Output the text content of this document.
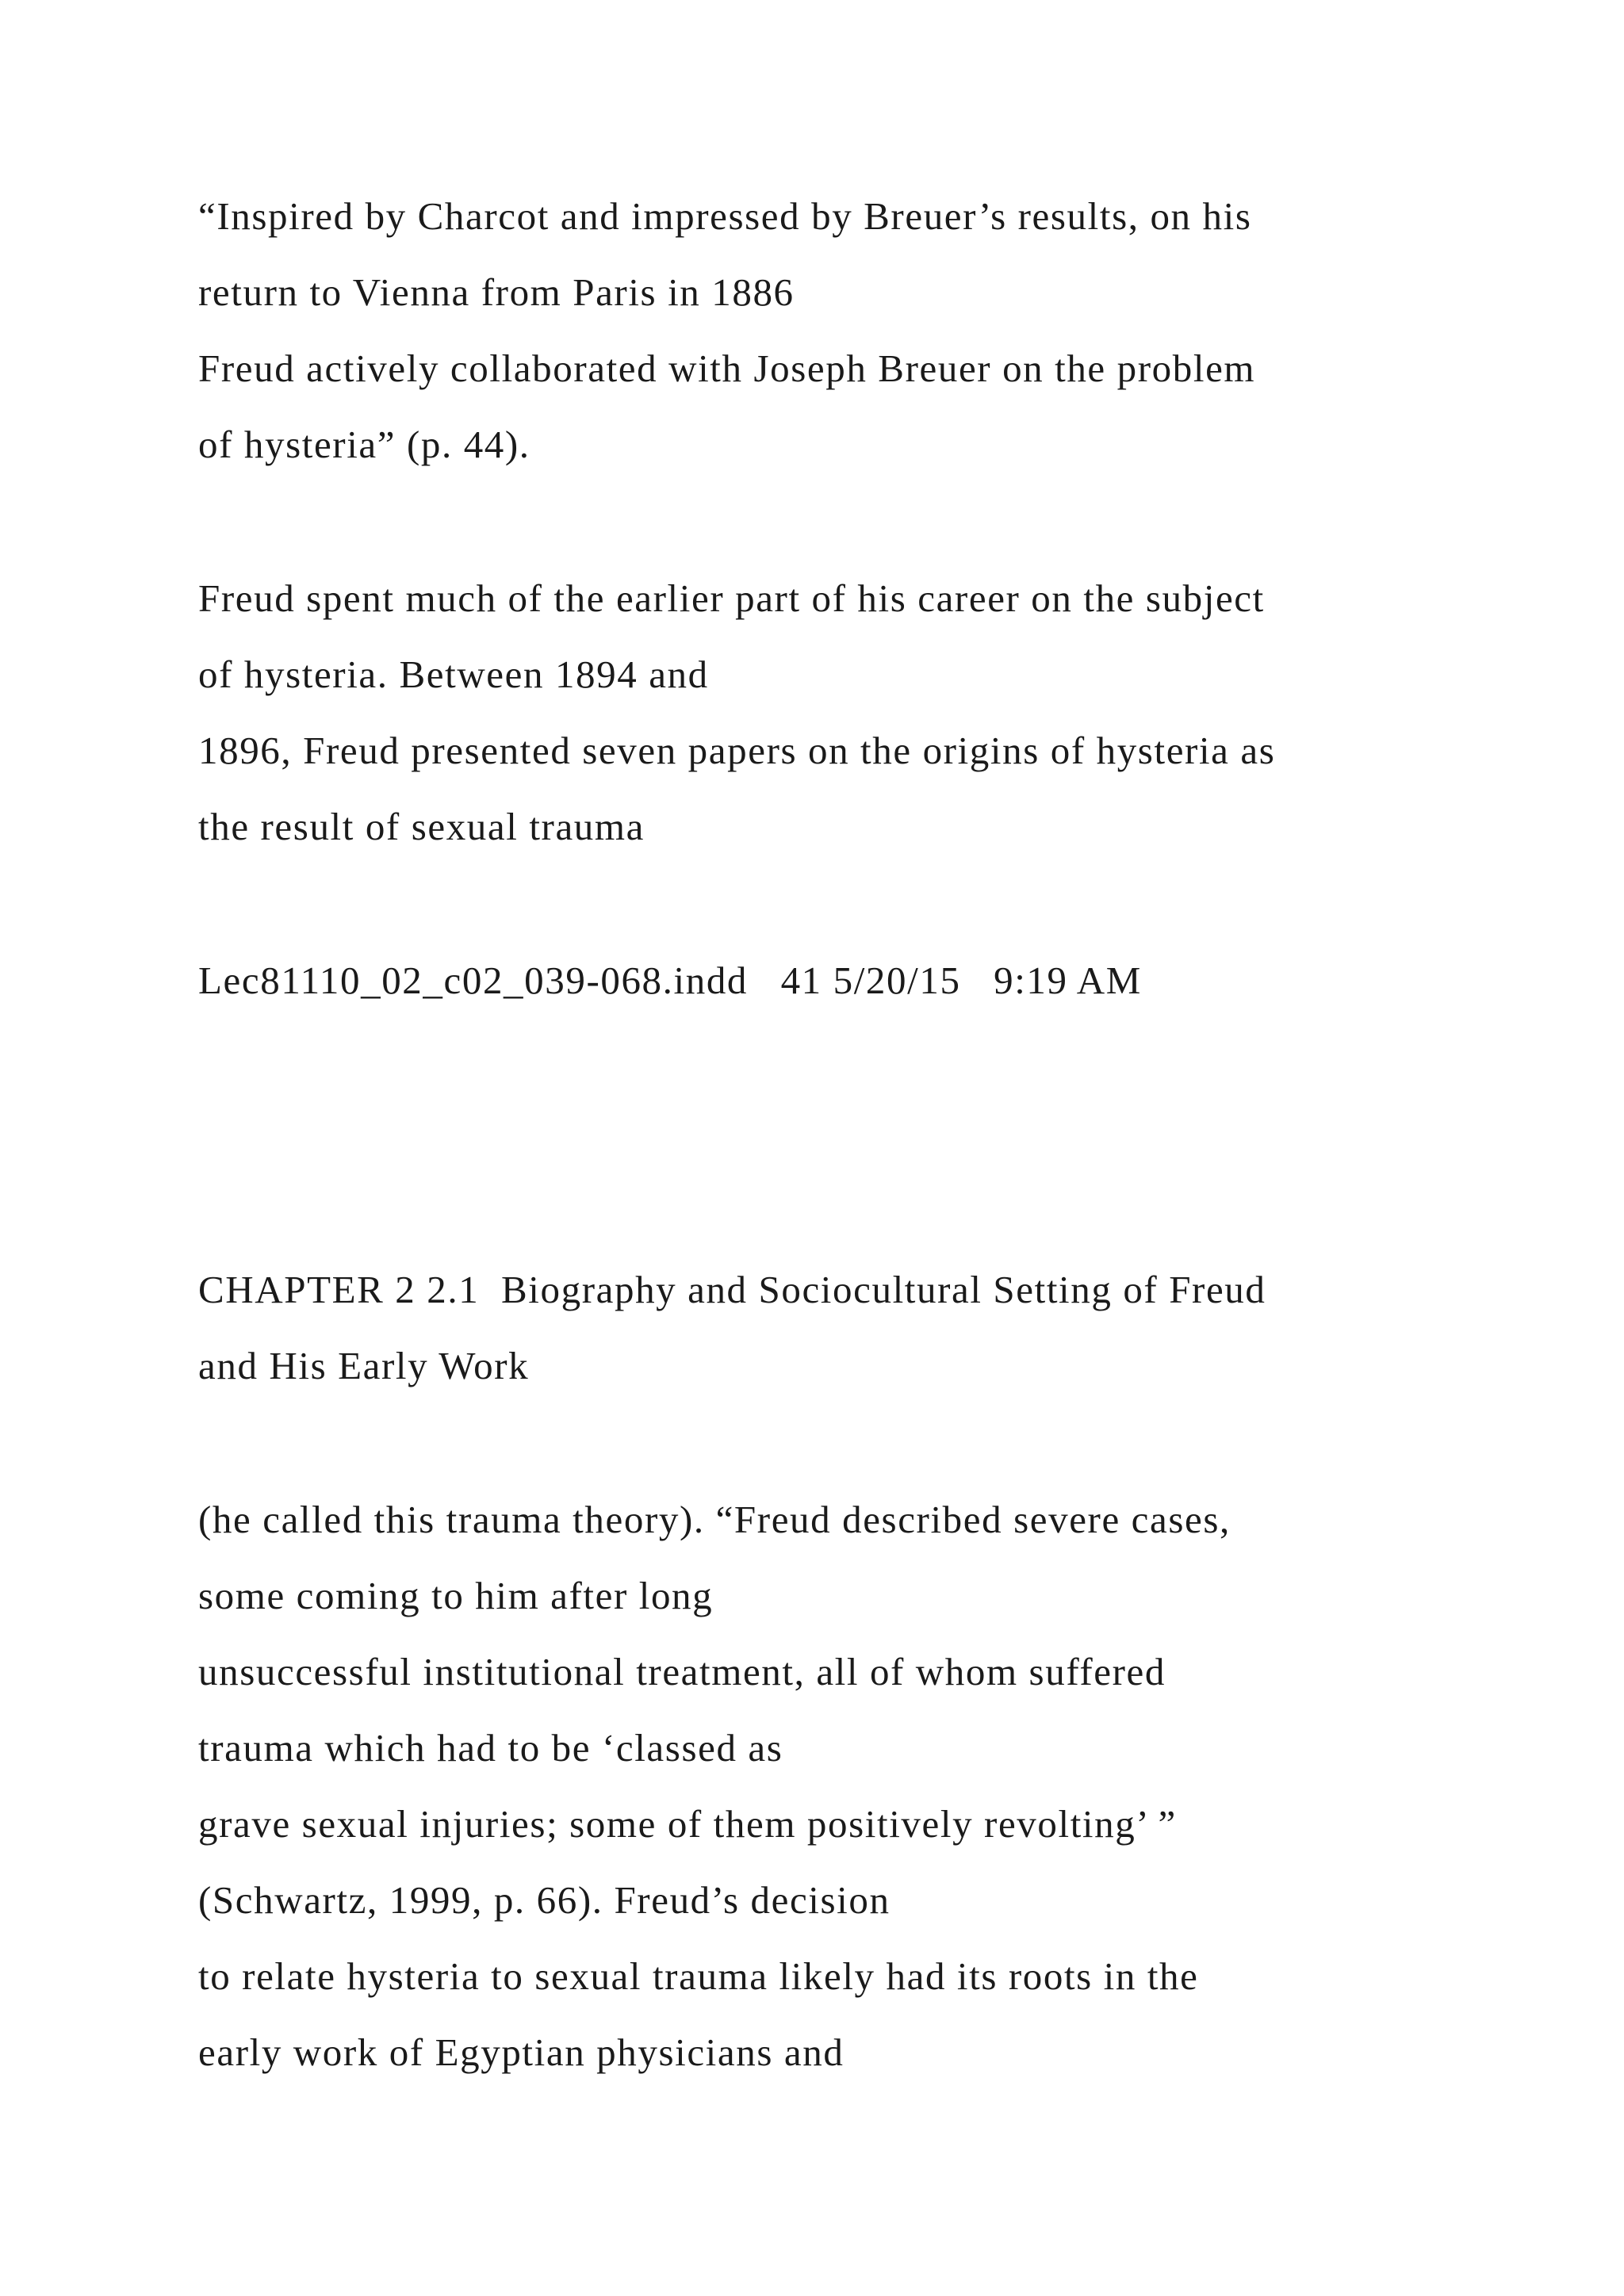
“Inspired by Charcot and impressed by Breuer’s results, on his

return to Vienna from Paris in 1886

Freud actively collaborated with Joseph Breuer on the problem

of hysteria” (p. 44).

Freud spent much of the earlier part of his career on the subject

of hysteria. Between 1894 and

1896, Freud presented seven papers on the origins of hysteria as

the result of sexual trauma

Lec81110_02_c02_039-068.indd   41 5/20/15   9:19 AM

CHAPTER 2 2.1  Biography and Sociocultural Setting of Freud

and His Early Work

(he called this trauma theory). “Freud described severe cases,

some coming to him after long

unsuccessful institutional treatment, all of whom suffered

trauma which had to be ‘classed as

grave sexual injuries; some of them positively revolting’ ”

(Schwartz, 1999, p. 66). Freud’s decision

to relate hysteria to sexual trauma likely had its roots in the

early work of Egyptian physicians and
